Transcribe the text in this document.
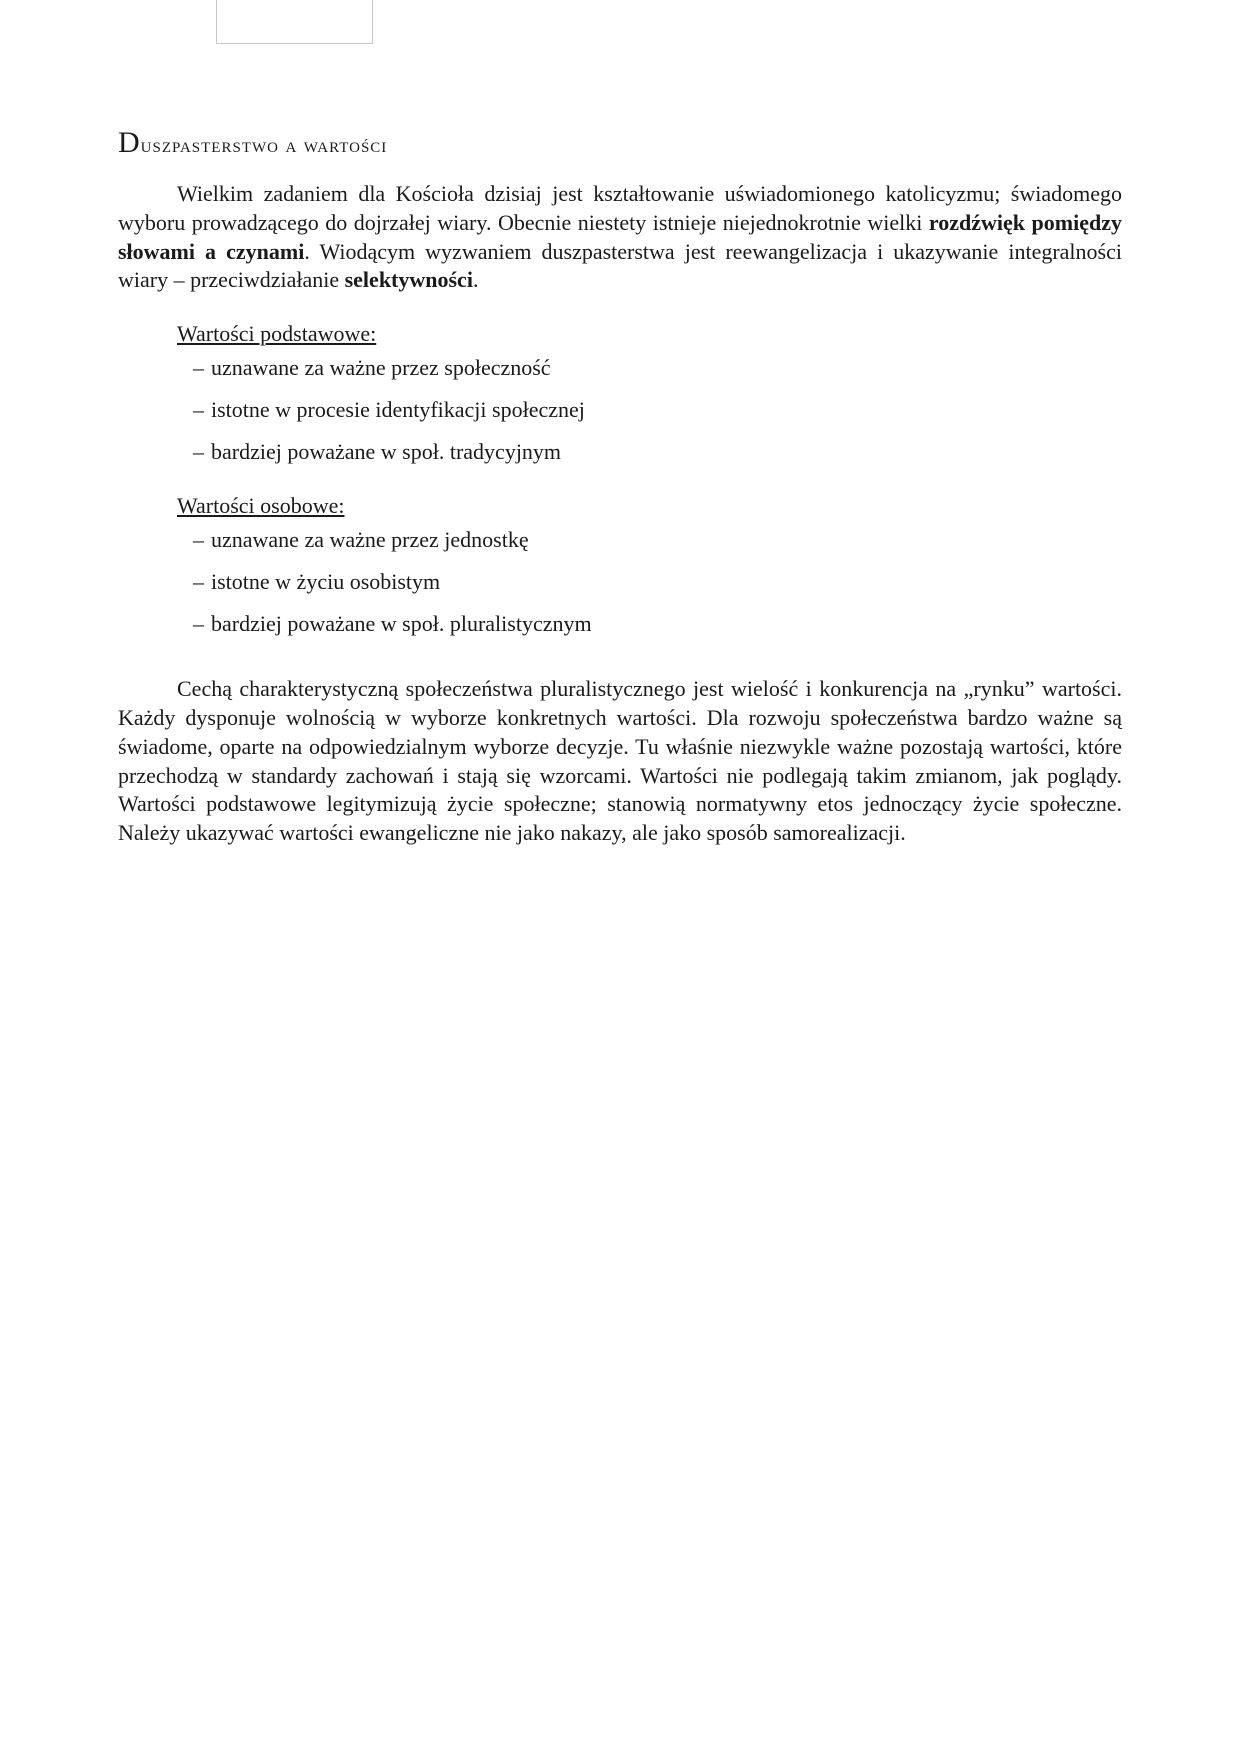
Duszpasterstwo a wartości

Wielkim zadaniem dla Kościoła dzisiaj jest kształtowanie uświadomionego katolicyzmu; świadomego wyboru prowadzącego do dojrzałej wiary. Obecnie niestety istnieje niejednokrotnie wielki rozdźwięk pomiędzy słowami a czynami. Wiodącym wyzwaniem duszpasterstwa jest reewangelizacja i ukazywanie integralności wiary – przeciwdziałanie selektywności.

Wartości podstawowe:
– uznawane za ważne przez społeczność
– istotne w procesie identyfikacji społecznej
– bardziej poważane w społ. tradycyjnym
Wartości osobowe:
– uznawane za ważne przez jednostkę
– istotne w życiu osobistym
– bardziej poważane w społ. pluralistycznym

Cechą charakterystyczną społeczeństwa pluralistycznego jest wielość i konkurencja na „rynku” wartości. Każdy dysponuje wolnością w wyborze konkretnych wartości. Dla rozwoju społeczeństwa bardzo ważne są świadome, oparte na odpowiedzialnym wyborze decyzje. Tu właśnie niezwykle ważne pozostają wartości, które przechodzą w standardy zachowań i stają się wzorcami. Wartości nie podlegają takim zmianom, jak poglądy. Wartości podstawowe legitymizują życie społeczne; stanowią normatywny etos jednoczący życie społeczne. Należy ukazywać wartości ewangeliczne nie jako nakazy, ale jako sposób samorealizacji.
